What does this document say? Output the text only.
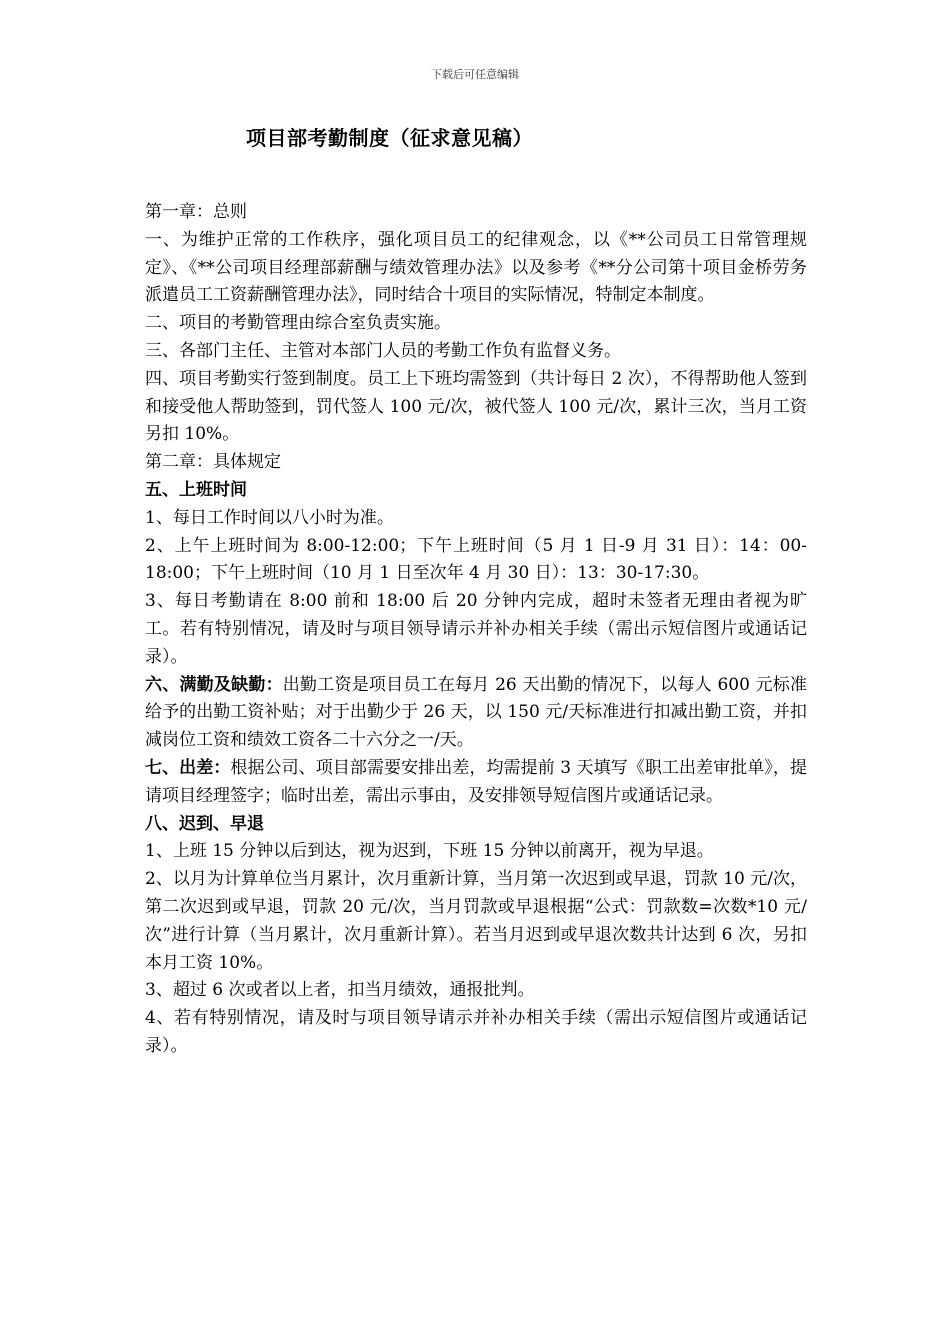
下载后可任意编辑
项目部考勤制度（征求意见稿）

第一章：总则

一、为维护正常的工作秩序，强化项目员工的纪律观念，以《**公司员工日常管理规定》、《**公司项目经理部薪酬与绩效管理办法》以及参考《**分公司第十项目金桥劳务派遣员工工资薪酬管理办法》，同时结合十项目的实际情况，特制定本制度。

二、项目的考勤管理由综合室负责实施。

三、各部门主任、主管对本部门人员的考勤工作负有监督义务。

四、项目考勤实行签到制度。员工上下班均需签到（共计每日 2 次），不得帮助他人签到和接受他人帮助签到，罚代签人 100 元/次，被代签人 100 元/次，累计三次，当月工资另扣 10%。

第二章：具体规定

五、上班时间

1、每日工作时间以八小时为准。

2、上午上班时间为 8:00-12:00；下午上班时间（5 月 1 日-9 月 31 日）：14：00-18:00；下午上班时间（10 月 1 日至次年 4 月 30 日）：13：30-17:30。

3、每日考勤请在 8:00 前和 18:00 后 20 分钟内完成，超时未签者无理由者视为旷工。若有特别情况，请及时与项目领导请示并补办相关手续（需出示短信图片或通话记录）。

六、满勤及缺勤：出勤工资是项目员工在每月 26 天出勤的情况下，以每人 600 元标准给予的出勤工资补贴；对于出勤少于 26 天，以 150 元/天标准进行扣减出勤工资，并扣减岗位工资和绩效工资各二十六分之一/天。

七、出差：根据公司、项目部需要安排出差，均需提前 3 天填写《职工出差审批单》，提请项目经理签字；临时出差，需出示事由，及安排领导短信图片或通话记录。

八、迟到、早退

1、上班 15 分钟以后到达，视为迟到，下班 15 分钟以前离开，视为早退。

2、以月为计算单位当月累计，次月重新计算，当月第一次迟到或早退，罚款 10 元/次，第二次迟到或早退，罚款 20 元/次，当月罚款或早退根据“公式：罚款数=次数*10 元/次”进行计算（当月累计，次月重新计算）。若当月迟到或早退次数共计达到 6 次，另扣本月工资 10%。

3、超过 6 次或者以上者，扣当月绩效，通报批判。

4、若有特别情况，请及时与项目领导请示并补办相关手续（需出示短信图片或通话记录）。
